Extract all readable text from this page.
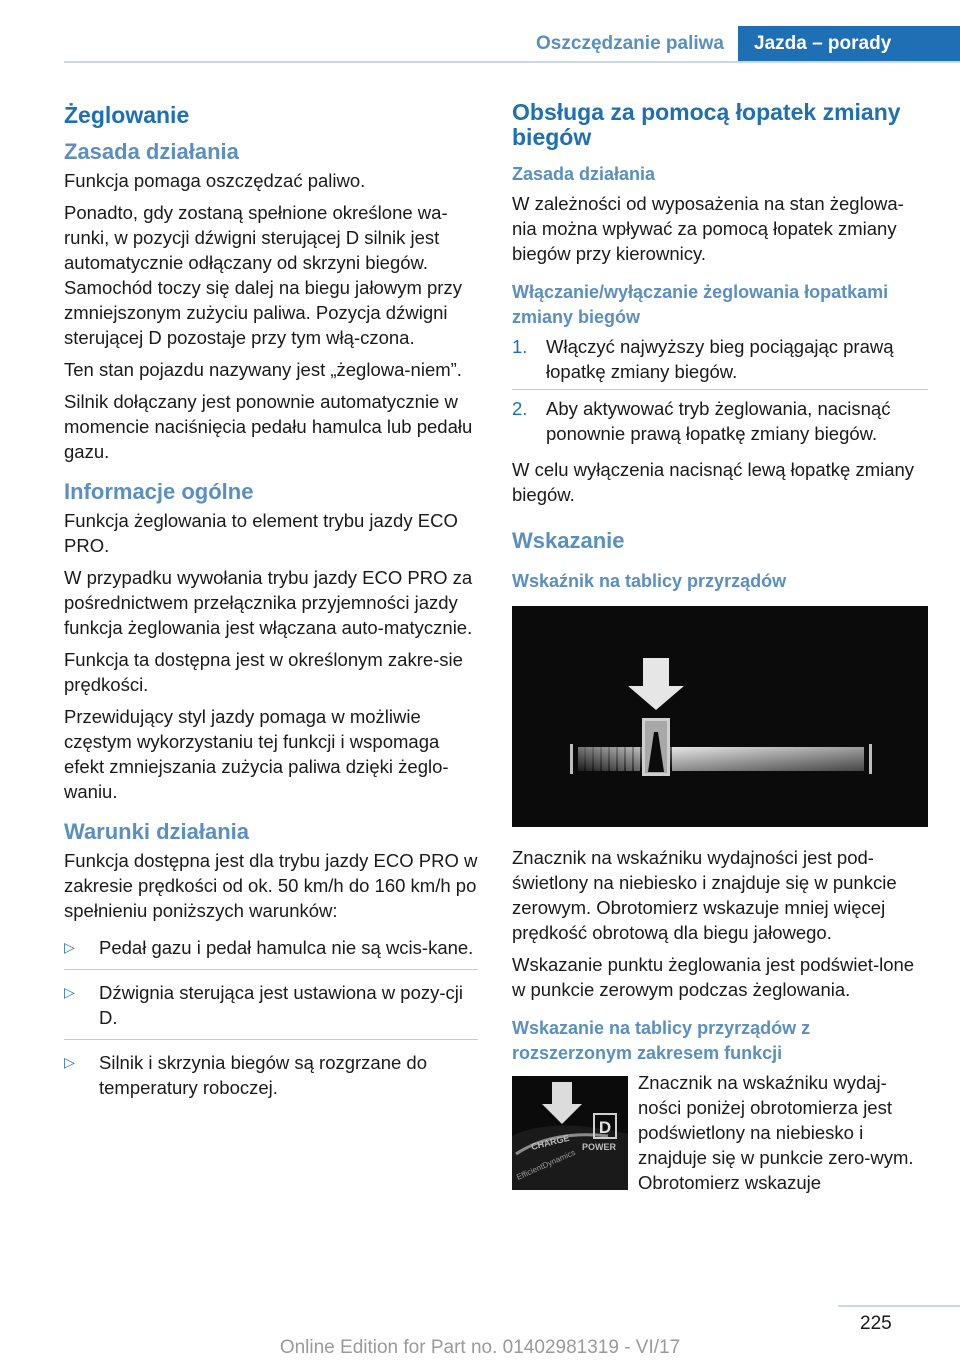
Oszczędzanie paliwa	Jazda – porady
Żeglowanie
Zasada działania

Funkcja pomaga oszczędzać paliwo.

Ponadto, gdy zostaną spełnione określone wa-runki, w pozycji dźwigni sterującej D silnik jest automatycznie odłączany od skrzyni biegów. Samochód toczy się dalej na biegu jałowym przy zmniejszonym zużyciu paliwa. Pozycja dźwigni sterującej D pozostaje przy tym włą-czona.

Ten stan pojazdu nazywany jest „żeglowa-niem”.

Silnik dołączany jest ponownie automatycznie w momencie naciśnięcia pedału hamulca lub pedału gazu.

Informacje ogólne

Funkcja żeglowania to element trybu jazdy ECO PRO.

W przypadku wywołania trybu jazdy ECO PRO za pośrednictwem przełącznika przyjemności jazdy funkcja żeglowania jest włączana auto-matycznie.

Funkcja ta dostępna jest w określonym zakre-sie prędkości.

Przewidujący styl jazdy pomaga w możliwie częstym wykorzystaniu tej funkcji i wspomaga efekt zmniejszania zużycia paliwa dzięki żeglo-waniu.

Warunki działania

Funkcja dostępna jest dla trybu jazdy ECO PRO w zakresie prędkości od ok. 50 km/h do 160 km/h po spełnieniu poniższych warunków:

▷ Pedał gazu i pedał hamulca nie są wcis-kane.
▷ Dźwignia sterująca jest ustawiona w pozy-cji D.
▷ Silnik i skrzynia biegów są rozgrzane do temperatury roboczej.
Obsługa za pomocą łopatek zmiany biegów
Zasada działania

W zależności od wyposażenia na stan żeglowa-nia można wpływać za pomocą łopatek zmiany biegów przy kierownicy.

Włączanie/wyłączanie żeglowania łopatkami zmiany biegów
1. Włączyć najwyższy bieg pociągając prawą łopatkę zmiany biegów.
2. Aby aktywować tryb żeglowania, nacisnąć ponownie prawą łopatkę zmiany biegów.

W celu wyłączenia nacisnąć lewą łopatkę zmiany biegów.

Wskazanie
Wskaźnik na tablicy przyrządów

Znacznik na wskaźniku wydajności jest pod-świetlony na niebiesko i znajduje się w punkcie zerowym. Obrotomierz wskazuje mniej więcej prędkość obrotową dla biegu jałowego.

Wskazanie punktu żeglowania jest podświet-lone w punkcie zerowym podczas żeglowania.

Wskazanie na tablicy przyrządów z rozszerzonym zakresem funkcji
D
CHARGE POWER
EfficientDynamics

Znacznik na wskaźniku wydaj-ności poniżej obrotomierza jest podświetlony na niebiesko i znajduje się w punkcie zero-wym. Obrotomierz wskazuje

225
Online Edition for Part no. 01402981319 - VI/17
